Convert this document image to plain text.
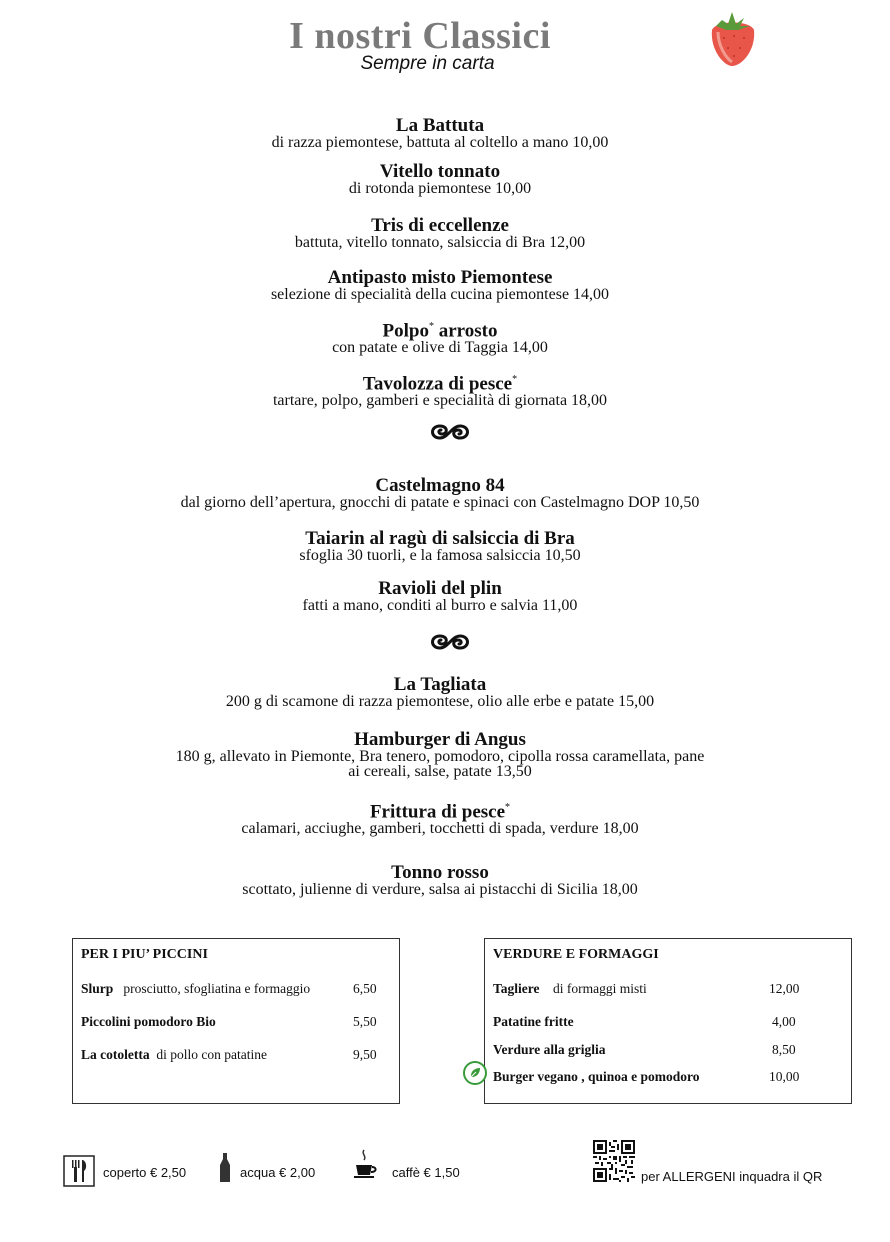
I nostri Classici
Sempre in carta
La Battuta
di razza piemontese, battuta al coltello a mano 10,00
Vitello tonnato
di rotonda piemontese 10,00
Tris di eccellenze
battuta, vitello tonnato, salsiccia di Bra 12,00
Antipasto misto Piemontese
selezione di specialità della cucina piemontese 14,00
Polpo* arrosto
con patate e olive di Taggia 14,00
Tavolozza di pesce*
tartare, polpo, gamberi e specialità di giornata 18,00
Castelmagno 84
dal giorno dell’apertura, gnocchi di patate e spinaci con Castelmagno DOP 10,50
Taiarin al ragù di salsiccia di Bra
sfoglia 30 tuorli, e la famosa salsiccia 10,50
Ravioli del plin
fatti a mano, conditi al burro e salvia 11,00
La Tagliata
200 g di scamone di razza piemontese, olio alle erbe e patate 15,00
Hamburger di Angus
180 g, allevato in Piemonte, Bra tenero, pomodoro, cipolla rossa caramellata, pane
ai cereali, salse, patate 13,50
Frittura di pesce*
calamari, acciughe, gamberi, tocchetti di spada, verdure 18,00
Tonno rosso
scottato, julienne di verdure, salsa ai pistacchi di Sicilia 18,00
PER I PIU’ PICCINI
Slurp prosciutto, sfogliatina e formaggio	6,50
Piccolini pomodoro Bio	5,50
La cotoletta di pollo con patatine	9,50
VERDURE E FORMAGGI
Tagliere di formaggi misti	12,00
Patatine fritte	4,00
Verdure alla griglia	8,50
Burger vegano , quinoa e pomodoro	10,00
coperto € 2,50	acqua € 2,00	caffè € 1,50	per ALLERGENI inquadra il QR
